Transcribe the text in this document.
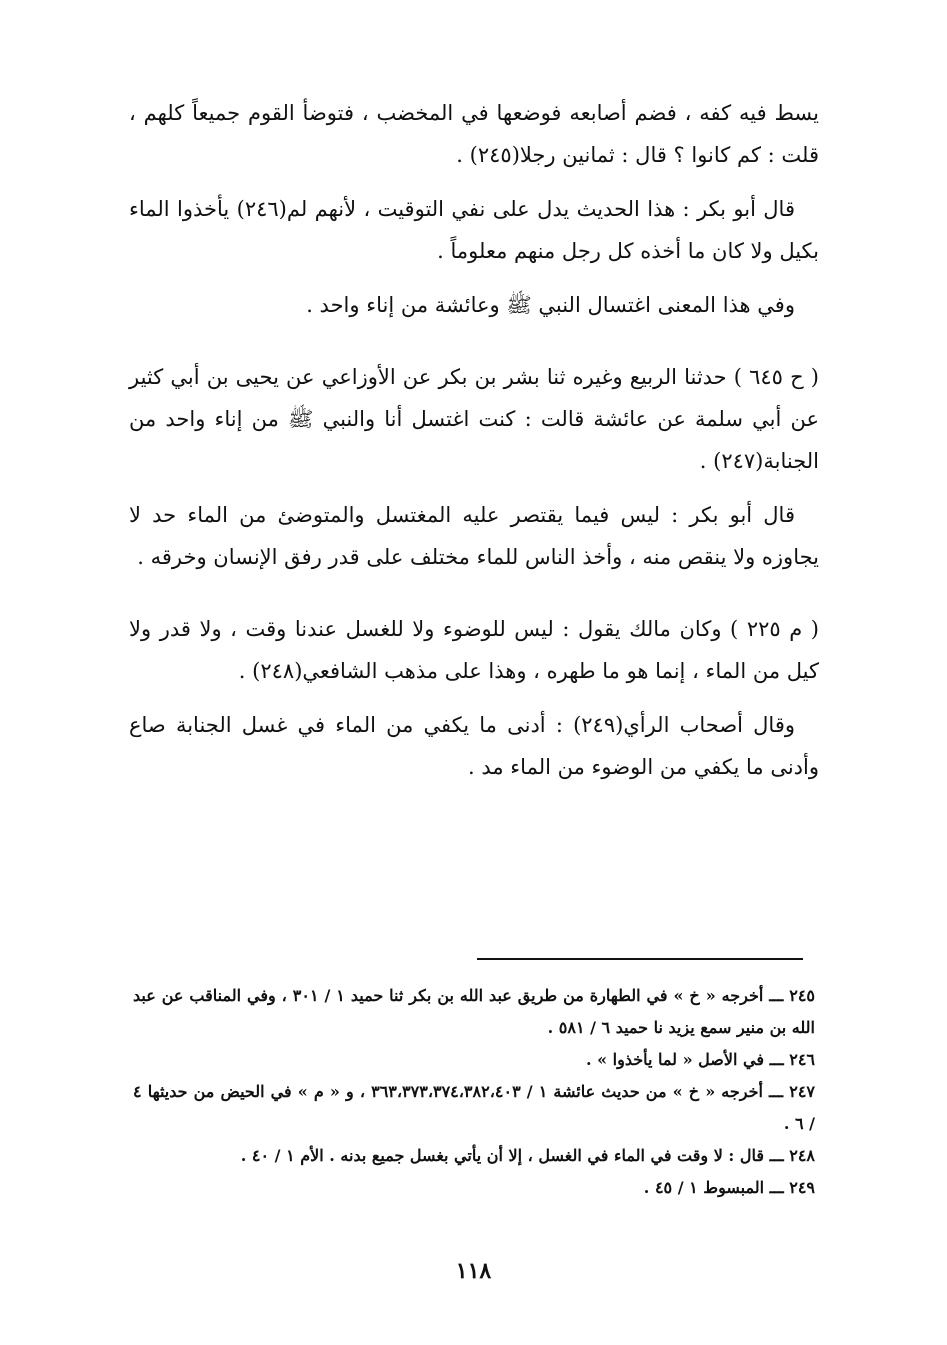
يسط فيه كفه ، فضم أصابعه فوضعها في المخضب ، فتوضأ القوم جميعاً كلهم ، قلت : كم كانوا ؟ قال : ثمانين رجلا(٢٤٥) .

قال أبو بكر : هذا الحديث يدل على نفي التوقيت ، لأنهم لم(٢٤٦) يأخذوا الماء بكيل ولا كان ما أخذه كل رجل منهم معلوماً .

وفي هذا المعنى اغتسال النبي ﷺ وعائشة من إناء واحد .

( ح ٦٤٥ ) حدثنا الربيع وغيره ثنا بشر بن بكر عن الأوزاعي عن يحيى بن أبي كثير عن أبي سلمة عن عائشة قالت : كنت اغتسل أنا والنبي ﷺ من إناء واحد من الجنابة(٢٤٧) .

قال أبو بكر : ليس فيما يقتصر عليه المغتسل والمتوضئ من الماء حد لا يجاوزه ولا ينقص منه ، وأخذ الناس للماء مختلف على قدر رفق الإنسان وخرقه .

( م ٢٢٥ ) وكان مالك يقول : ليس للوضوء ولا للغسل عندنا وقت ، ولا قدر ولا كيل من الماء ، إنما هو ما طهره ، وهذا على مذهب الشافعي(٢٤٨) .

وقال أصحاب الرأي(٢٤٩) : أدنى ما يكفي من الماء في غسل الجنابة صاع وأدنى ما يكفي من الوضوء من الماء مد .

٢٤٥ ـــ أخرجه « خ » في الطهارة من طريق عبد الله بن بكر ثنا حميد ١ / ٣٠١ ، وفي المناقب عن عبد الله بن منير سمع يزيد نا حميد ٦ / ٥٨١ .

٢٤٦ ـــ في الأصل « لما يأخذوا » .

٢٤٧ ـــ أخرجه « خ » من حديث عائشة ١ / ٣٦٣،٣٧٣،٣٧٤،٣٨٢،٤٠٣ ، و « م » في الحيض من حديثها ٤ / ٦ .

٢٤٨ ـــ قال : لا وقت في الماء في الغسل ، إلا أن يأتي بغسل جميع بدنه . الأم ١ / ٤٠ .

٢٤٩ ـــ المبسوط ١ / ٤٥ .

١١٨
